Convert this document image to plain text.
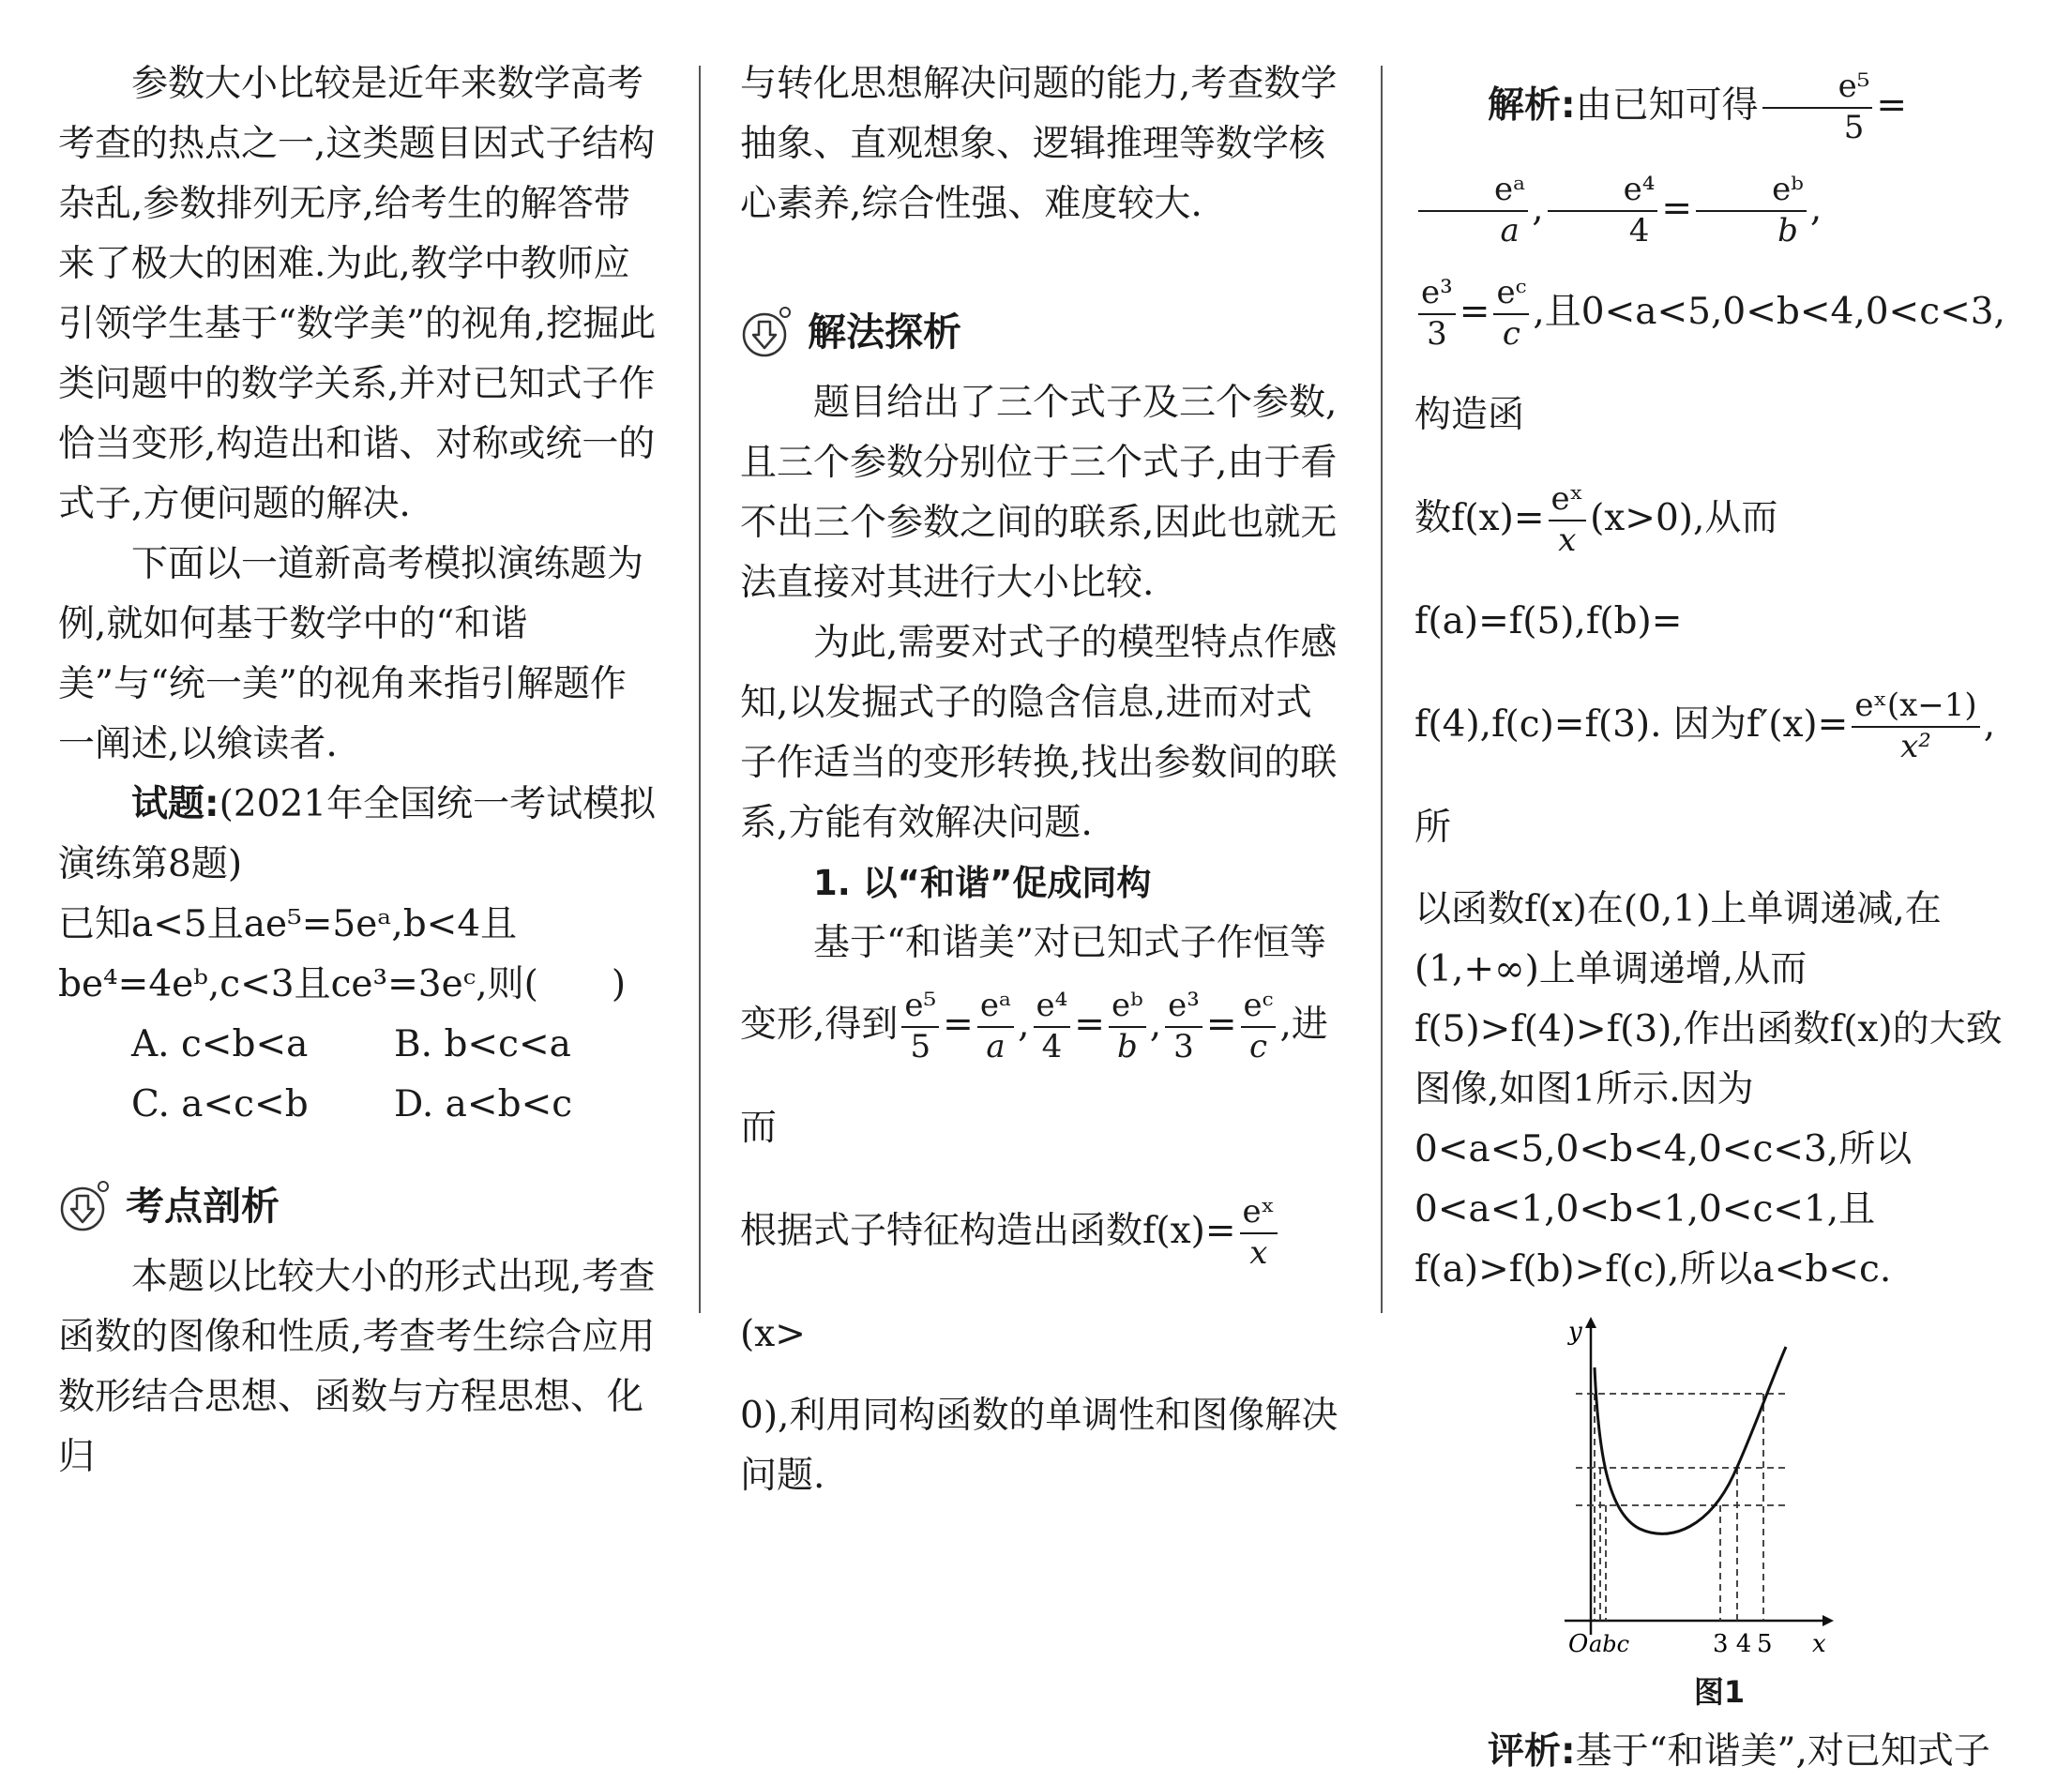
参数大小比较是近年来数学高考考查的热点之一,这类题目因式子结构杂乱,参数排列无序,给考生的解答带来了极大的困难.为此,教学中教师应引领学生基于“数学美”的视角,挖掘此类问题中的数学关系,并对已知式子作恰当变形,构造出和谐、对称或统一的式子,方便问题的解决.

下面以一道新高考模拟演练题为例,就如何基于数学中的“和谐美”与“统一美”的视角来指引解题作一阐述,以飨读者.

试题:(2021年全国统一考试模拟演练第8题)

已知a<5且ae⁵=5eᵃ,b<4且

be⁴=4eᵇ,c<3且ce³=3eᶜ,则(　　)

A. c<b<a	B. b<c<a
C. a<c<b	D. a<b<c
考点剖析

本题以比较大小的形式出现,考查函数的图像和性质,考查考生综合应用数形结合思想、函数与方程思想、化归

与转化思想解决问题的能力,考查数学抽象、直观想象、逻辑推理等数学核心素养,综合性强、难度较大.

解法探析

题目给出了三个式子及三个参数,且三个参数分别位于三个式子,由于看不出三个参数之间的联系,因此也就无法直接对其进行大小比较.

为此,需要对式子的模型特点作感知,以发掘式子的隐含信息,进而对式子作适当的变形转换,找出参数间的联系,方能有效解决问题.

1. 以“和谐”促成同构

基于“和谐美”对已知式子作恒等

变形,得到 $\frac{\text{e⁵}}{5} = \frac{\text{eᵃ}}{a}$ , $\frac{\text{e⁴}}{4} = \frac{\text{eᵇ}}{b}$ , $\frac{\text{e³}}{3} = \frac{\text{eᶜ}}{c}$ ,进而

根据式子特征构造出函数$f(x)= \frac{\text{eˣ}}{x}$
(x>

0),利用同构函数的单调性和图像解决问题.

解析:由已知可得 $\frac{\text{e⁵}}{5}$ =
$\frac{\text{eᵃ}}{a}$ , $\frac{\text{e⁴}}{4} = \frac{\text{eᵇ}}{b}$ ,

$\frac{\text{e³}}{3} = \frac{\text{eᶜ}}{c}$ ,且0<a<5,0<b<4,0<c<3,构造函

数$f(x)= \frac{\text{eˣ}}{x} (x>0)$,从而f(a)=f(5),f(b)=

f(4),f(c)=f(3). 因为$f'(x)= \frac{\text{eˣ(x−1)}}{\text{x²}}$ ,所

以函数f(x)在(0,1)上单调递减,在(1,+∞)上单调递增,从而f(5)>f(4)>f(3),作出函数f(x)的大致图像,如图1所示.因为0<a<5,0<b<4,0<c<3,所以0<a<1,0<b<1,0<c<1,且f(a)>f(b)>f(c),所以a<b<c.

y
x
O abc	3 4 5
图1

评析:基于“和谐美”,对已知式子
